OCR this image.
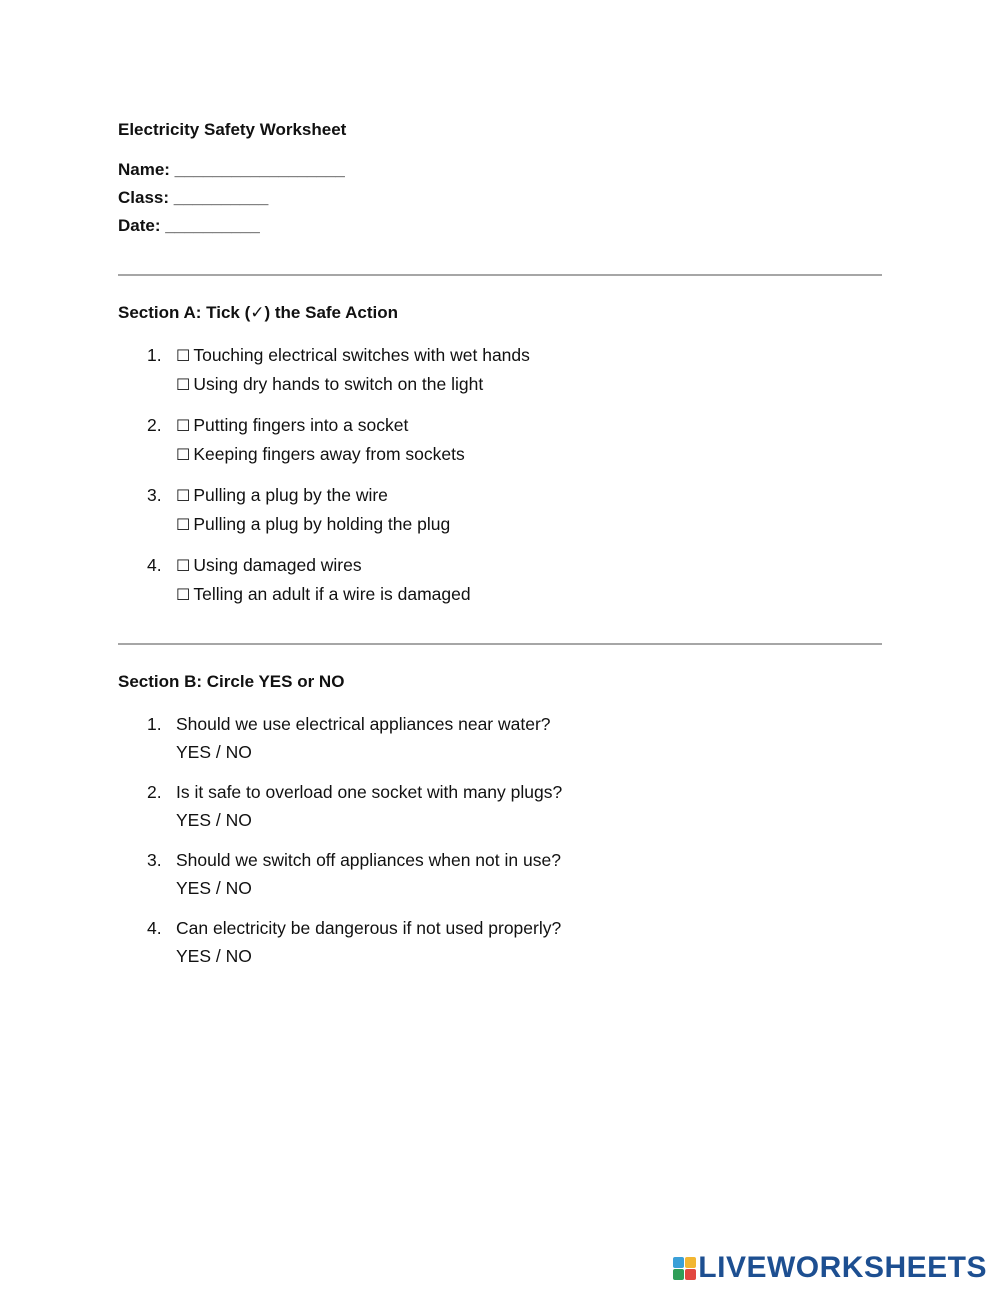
Electricity Safety Worksheet
Name: __________________
Class: __________
Date: __________
Section A: Tick (✓) the Safe Action
1. ☐ Touching electrical switches with wet hands
☐ Using dry hands to switch on the light
2. ☐ Putting fingers into a socket
☐ Keeping fingers away from sockets
3. ☐ Pulling a plug by the wire
☐ Pulling a plug by holding the plug
4. ☐ Using damaged wires
☐ Telling an adult if a wire is damaged
Section B: Circle YES or NO
1. Should we use electrical appliances near water?
YES / NO
2. Is it safe to overload one socket with many plugs?
YES / NO
3. Should we switch off appliances when not in use?
YES / NO
4. Can electricity be dangerous if not used properly?
YES / NO
LIVEWORKSHEETS
